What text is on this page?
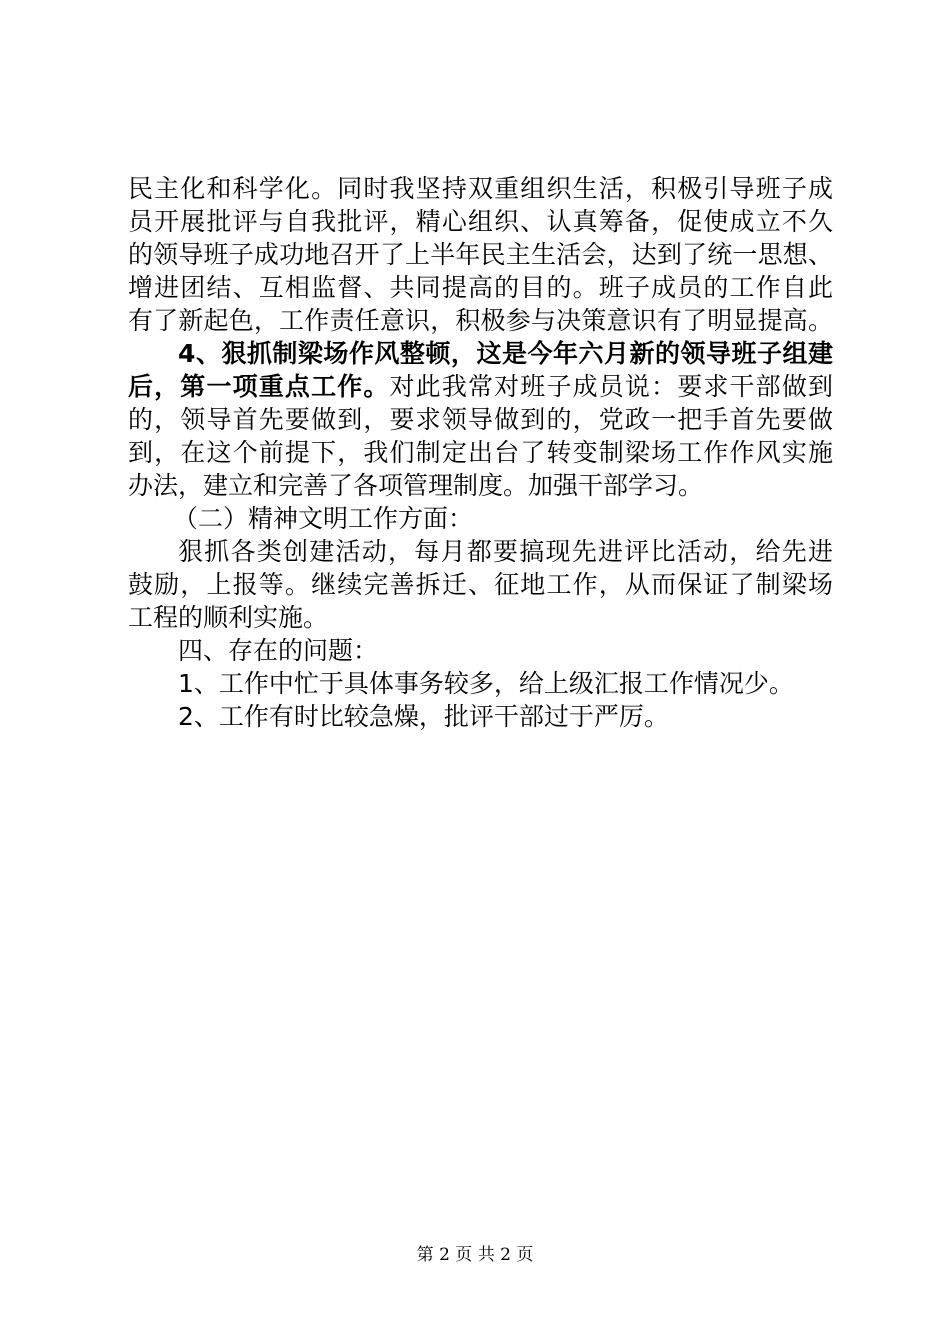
民主化和科学化。同时我坚持双重组织生活，积极引导班子成
员开展批评与自我批评，精心组织、认真筹备，促使成立不久
的领导班子成功地召开了上半年民主生活会，达到了统一思想、
增进团结、互相监督、共同提高的目的。班子成员的工作自此
有了新起色，工作责任意识，积极参与决策意识有了明显提高。
4、狠抓制梁场作风整顿，这是今年六月新的领导班子组建
后，第一项重点工作。对此我常对班子成员说：要求干部做到
的，领导首先要做到，要求领导做到的，党政一把手首先要做
到，在这个前提下，我们制定出台了转变制梁场工作作风实施
办法，建立和完善了各项管理制度。加强干部学习。
（二）精神文明工作方面：
狠抓各类创建活动，每月都要搞现先进评比活动，给先进
鼓励，上报等。继续完善拆迁、征地工作，从而保证了制梁场
工程的顺利实施。
四、存在的问题：
1、工作中忙于具体事务较多，给上级汇报工作情况少。
2、工作有时比较急燥，批评干部过于严厉。
第 2 页 共 2 页
